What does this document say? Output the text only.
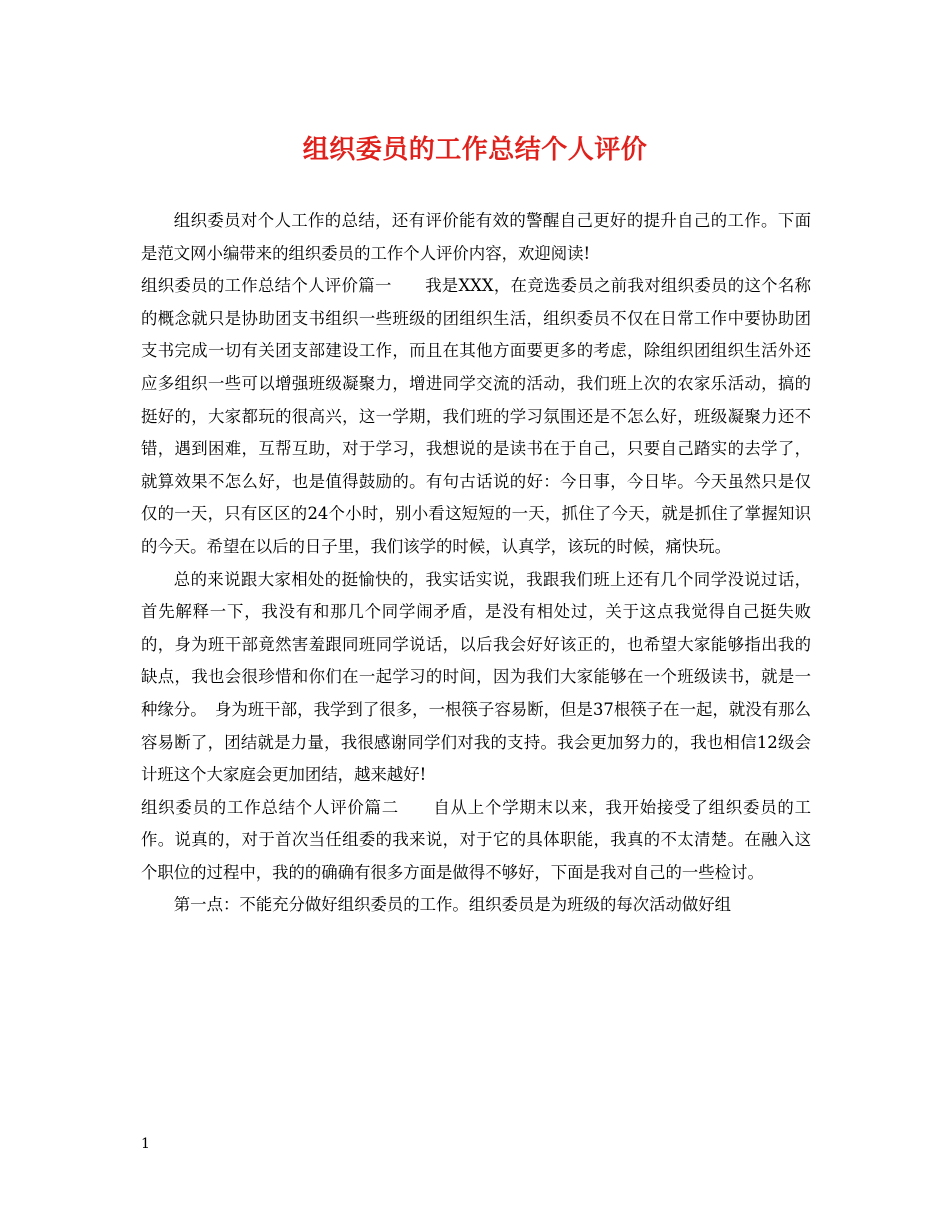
组织委员的工作总结个人评价

组织委员对个人工作的总结，还有评价能有效的警醒自己更好的提升自己的工作。下面是范文网小编带来的组织委员的工作个人评价内容，欢迎阅读!

组织委员的工作总结个人评价篇一　　我是XXX，在竞选委员之前我对组织委员的这个名称的概念就只是协助团支书组织一些班级的团组织生活，组织委员不仅在日常工作中要协助团支书完成一切有关团支部建设工作，而且在其他方面要更多的考虑，除组织团组织生活外还应多组织一些可以增强班级凝聚力，增进同学交流的活动，我们班上次的农家乐活动，搞的挺好的，大家都玩的很高兴，这一学期，我们班的学习氛围还是不怎么好，班级凝聚力还不错，遇到困难，互帮互助，对于学习，我想说的是读书在于自己，只要自己踏实的去学了，就算效果不怎么好，也是值得鼓励的。有句古话说的好：今日事，今日毕。今天虽然只是仅仅的一天，只有区区的24个小时，别小看这短短的一天，抓住了今天，就是抓住了掌握知识的今天。希望在以后的日子里，我们该学的时候，认真学，该玩的时候，痛快玩。

总的来说跟大家相处的挺愉快的，我实话实说，我跟我们班上还有几个同学没说过话，首先解释一下，我没有和那几个同学闹矛盾，是没有相处过，关于这点我觉得自己挺失败的，身为班干部竟然害羞跟同班同学说话，以后我会好好该正的，也希望大家能够指出我的缺点，我也会很珍惜和你们在一起学习的时间，因为我们大家能够在一个班级读书，就是一种缘分。　身为班干部，我学到了很多，一根筷子容易断，但是37根筷子在一起，就没有那么容易断了，团结就是力量，我很感谢同学们对我的支持。我会更加努力的，我也相信12级会计班这个大家庭会更加团结，越来越好!

组织委员的工作总结个人评价篇二　　自从上个学期末以来，我开始接受了组织委员的工作。说真的，对于首次当任组委的我来说，对于它的具体职能，我真的不太清楚。在融入这个职位的过程中，我的的确确有很多方面是做得不够好，下面是我对自己的一些检讨。

第一点：不能充分做好组织委员的工作。组织委员是为班级的每次活动做好组

1
